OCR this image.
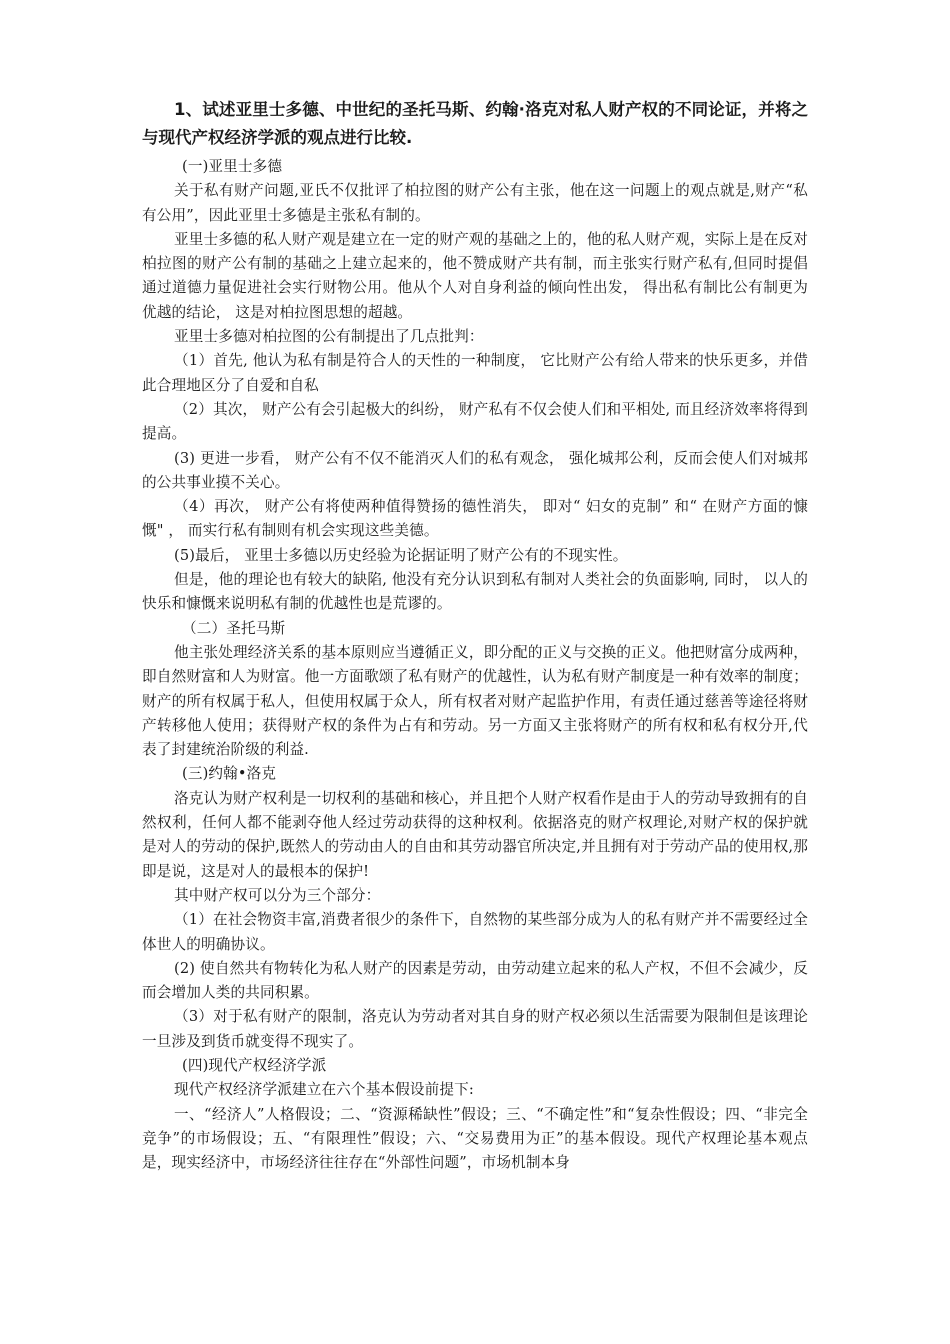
1、试述亚里士多德、中世纪的圣托马斯、约翰·洛克对私人财产权的不同论证，并将之与现代产权经济学派的观点进行比较.

(一)亚里士多德

关于私有财产问题,亚氏不仅批评了柏拉图的财产公有主张，他在这一问题上的观点就是,财产“私有公用”，因此亚里士多德是主张私有制的。

亚里士多德的私人财产观是建立在一定的财产观的基础之上的，他的私人财产观，实际上是在反对柏拉图的财产公有制的基础之上建立起来的，他不赞成财产共有制，而主张实行财产私有,但同时提倡通过道德力量促进社会实行财物公用。他从个人对自身利益的倾向性出发， 得出私有制比公有制更为优越的结论， 这是对柏拉图思想的超越。

亚里士多德对柏拉图的公有制提出了几点批判：

（1）首先, 他认为私有制是符合人的天性的一种制度， 它比财产公有给人带来的快乐更多，并借此合理地区分了自爱和自私

（2）其次， 财产公有会引起极大的纠纷， 财产私有不仅会使人们和平相处, 而且经济效率将得到提高。

(3) 更进一步看， 财产公有不仅不能消灭人们的私有观念， 强化城邦公利，反而会使人们对城邦的公共事业摸不关心。

（4）再次， 财产公有将使两种值得赞扬的德性消失， 即对“ 妇女的克制” 和“ 在财产方面的慷慨" ， 而实行私有制则有机会实现这些美德。

(5)最后， 亚里士多德以历史经验为论据证明了财产公有的不现实性。

但是，他的理论也有较大的缺陷, 他没有充分认识到私有制对人类社会的负面影响, 同时， 以人的快乐和慷慨来说明私有制的优越性也是荒谬的。

（二）圣托马斯

他主张处理经济关系的基本原则应当遵循正义，即分配的正义与交换的正义。他把财富分成两种，即自然财富和人为财富。他一方面歌颂了私有财产的优越性，认为私有财产制度是一种有效率的制度；财产的所有权属于私人，但使用权属于众人，所有权者对财产起监护作用，有责任通过慈善等途径将财产转移他人使用；获得财产权的条件为占有和劳动。另一方面又主张将财产的所有权和私有权分开,代表了封建统治阶级的利益.

(三)约翰•洛克

洛克认为财产权利是一切权利的基础和核心，并且把个人财产权看作是由于人的劳动导致拥有的自然权利，任何人都不能剥夺他人经过劳动获得的这种权利。依据洛克的财产权理论,对财产权的保护就是对人的劳动的保护,既然人的劳动由人的自由和其劳动器官所决定,并且拥有对于劳动产品的使用权,那即是说，这是对人的最根本的保护!

其中财产权可以分为三个部分：

（1）在社会物资丰富,消费者很少的条件下，自然物的某些部分成为人的私有财产并不需要经过全体世人的明确协议。

(2) 使自然共有物转化为私人财产的因素是劳动，由劳动建立起来的私人产权，不但不会减少，反而会增加人类的共同积累。

（3）对于私有财产的限制，洛克认为劳动者对其自身的财产权必须以生活需要为限制但是该理论一旦涉及到货币就变得不现实了。

(四)现代产权经济学派

现代产权经济学派建立在六个基本假设前提下:

一、“经济人”人格假设；二、“资源稀缺性”假设；三、“不确定性”和“复杂性假设；四、“非完全竞争”的市场假设；五、“有限理性”假设；六、“交易费用为正”的基本假设。现代产权理论基本观点是，现实经济中，市场经济往往存在“外部性问题”，市场机制本身
